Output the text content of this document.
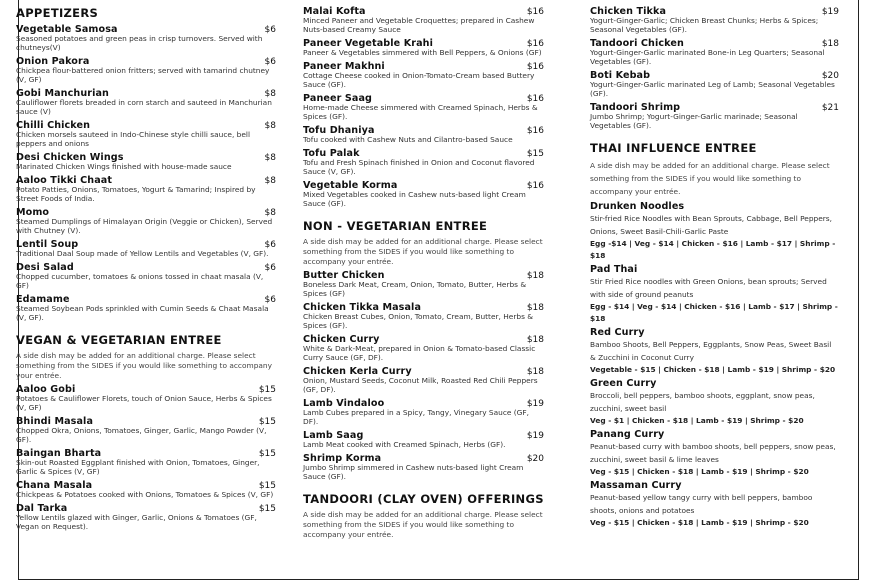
APPETIZERS
Vegetable Samosa	$6
Seasoned potatoes and green peas in crisp turnovers. Served with chutneys(V)
Onion Pakora	$6
Chickpea flour-battered onion fritters; served with tamarind chutney (V, GF)
Gobi Manchurian	$8
Cauliflower florets breaded in corn starch and sauteed in Manchurian sauce (V)
Chilli Chicken	$8
Chicken morsels sauteed in Indo-Chinese style chilli sauce, bell peppers and onions
Desi Chicken Wings	$8
Marinated Chicken Wings finished with house-made sauce
Aaloo Tikki Chaat	$8
Potato Patties, Onions, Tomatoes, Yogurt & Tamarind; Inspired by Street Foods of India.
Momo	$8
Steamed Dumplings of Himalayan Origin (Veggie or Chicken), Served with Chutney (V).
Lentil Soup	$6
Traditional Daal Soup made of Yellow Lentils and Vegetables (V, GF).
Desi Salad	$6
Chopped cucumber, tomatoes & onions tossed in chaat masala (V, GF)
Edamame	$6
Steamed Soybean Pods sprinkled with Cumin Seeds & Chaat Masala (V, GF).
VEGAN & VEGETARIAN ENTREE
A side dish may be added for an additional charge. Please select something from the SIDES if you would like something to accompany your entrée.
Aaloo Gobi	$15
Potatoes & Cauliflower Florets, touch of Onion Sauce, Herbs & Spices (V, GF)
Bhindi Masala	$15
Chopped Okra, Onions, Tomatoes, Ginger, Garlic, Mango Powder (V, GF).
Baingan Bharta	$15
Skin-out Roasted Eggplant finished with Onion, Tomatoes, Ginger, Garlic & Spices (V, GF)
Chana Masala	$15
Chickpeas & Potatoes cooked with Onions, Tomatoes & Spices (V, GF)
Dal Tarka	$15
Yellow Lentils glazed with Ginger, Garlic, Onions & Tomatoes (GF, Vegan on Request).
Malai Kofta	$16
Minced Paneer and Vegetable Croquettes; prepared in Cashew Nuts-based Creamy Sauce
Paneer Vegetable Krahi	$16
Paneer & Vegetables simmered with Bell Peppers, & Onions (GF)
Paneer Makhni	$16
Cottage Cheese cooked in Onion-Tomato-Cream based Buttery Sauce (GF).
Paneer Saag	$16
Home-made Cheese simmered with Creamed Spinach, Herbs & Spices (GF).
Tofu Dhaniya	$16
Tofu cooked with Cashew Nuts and Cilantro-based Sauce
Tofu Palak	$15
Tofu and Fresh Spinach finished in Onion and Coconut flavored Sauce (V, GF).
Vegetable Korma	$16
Mixed Vegetables cooked in Cashew nuts-based light Cream Sauce (GF).
NON - VEGETARIAN ENTREE
A side dish may be added for an additional charge. Please select something from the SIDES if you would like something to accompany your entrée.
Butter Chicken	$18
Boneless Dark Meat, Cream, Onion, Tomato, Butter, Herbs & Spices (GF)
Chicken Tikka Masala	$18
Chicken Breast Cubes, Onion, Tomato, Cream, Butter, Herbs & Spices (GF).
Chicken Curry	$18
White & Dark-Meat, prepared in Onion & Tomato-based Classic Curry Sauce (GF, DF).
Chicken Kerla Curry	$18
Onion, Mustard Seeds, Coconut Milk, Roasted Red Chili Peppers (GF, DF).
Lamb Vindaloo	$19
Lamb Cubes prepared in a Spicy, Tangy, Vinegary Sauce (GF, DF).
Lamb Saag	$19
Lamb Meat cooked with Creamed Spinach, Herbs (GF).
Shrimp Korma	$20
Jumbo Shrimp simmered in Cashew nuts-based light Cream Sauce (GF).
TANDOORI (CLAY OVEN) OFFERINGS
A side dish may be added for an additional charge. Please select something from the SIDES if you would like something to accompany your entrée.
Chicken Tikka	$19
Yogurt-Ginger-Garlic; Chicken Breast Chunks; Herbs & Spices; Seasonal Vegetables (GF).
Tandoori Chicken	$18
Yogurt-Ginger-Garlic marinated Bone-in Leg Quarters; Seasonal Vegetables (GF).
Boti Kebab	$20
Yogurt-Ginger-Garlic marinated Leg of Lamb; Seasonal Vegetables (GF).
Tandoori Shrimp	$21
Jumbo Shrimp; Yogurt-Ginger-Garlic marinade; Seasonal Vegetables (GF).
THAI INFLUENCE ENTREE
A side dish may be added for an additional charge. Please select something from the SIDES if you would like something to accompany your entrée.
Drunken Noodles
Stir-fried Rice Noodles with Bean Sprouts, Cabbage, Bell Peppers, Onions, Sweet Basil-Chili-Garlic Paste
Egg -$14 | Veg - $14 | Chicken - $16 | Lamb - $17 | Shrimp - $18
Pad Thai
Stir Fried Rice noodles with Green Onions, bean sprouts; Served with side of ground peanuts
Egg - $14 | Veg - $14 | Chicken - $16 | Lamb - $17 | Shrimp - $18
Red Curry
Bamboo Shoots, Bell Peppers, Eggplants, Snow Peas, Sweet Basil & Zucchini in Coconut Curry
Vegetable - $15 | Chicken - $18 | Lamb - $19 | Shrimp - $20
Green Curry
Broccoli, bell peppers, bamboo shoots, eggplant, snow peas, zucchini, sweet basil
Veg - $1 | Chicken - $18 | Lamb - $19 | Shrimp - $20
Panang Curry
Peanut-based curry with bamboo shoots, bell peppers, snow peas, zucchini, sweet basil & lime leaves
Veg - $15 | Chicken - $18 | Lamb - $19 | Shrimp - $20
Massaman Curry
Peanut-based yellow tangy curry with bell peppers, bamboo shoots, onions and potatoes
Veg - $15 | Chicken - $18 | Lamb - $19 | Shrimp - $20
